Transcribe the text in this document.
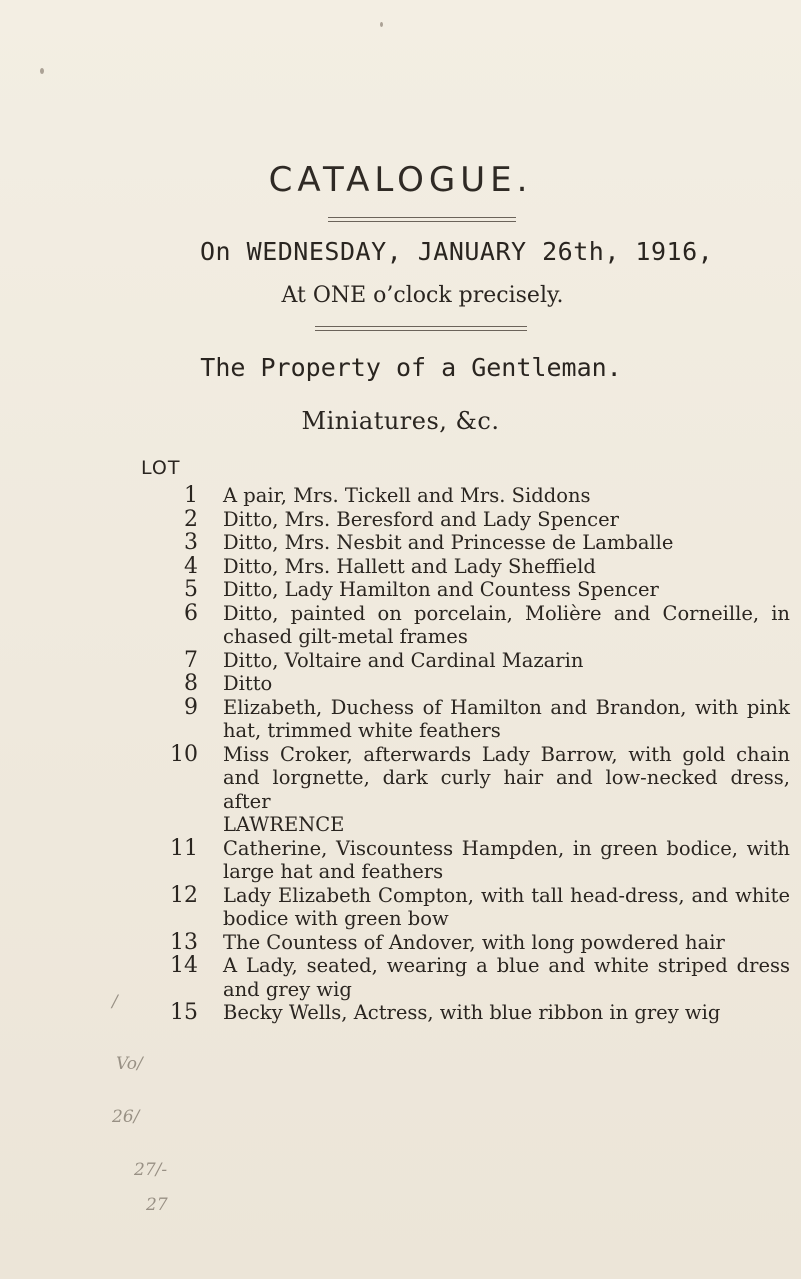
CATALOGUE.
On WEDNESDAY, JANUARY 26th, 1916,
At ONE o’clock precisely.
The Property of a Gentleman.
Miniatures, &c.
LOT
1	A pair, Mrs. Tickell and Mrs. Siddons
2	Ditto, Mrs. Beresford and Lady Spencer
3	Ditto, Mrs. Nesbit and Princesse de Lamballe
4	Ditto, Mrs. Hallett and Lady Sheffield
5	Ditto, Lady Hamilton and Countess Spencer
6	Ditto, painted on porcelain, Molière and Corneille, in chased gilt-metal frames
7	Ditto, Voltaire and Cardinal Mazarin
8	Ditto
9	Elizabeth, Duchess of Hamilton and Brandon, with pink hat, trimmed white feathers
10	Miss Croker, afterwards Lady Barrow, with gold chain and lorgnette, dark curly hair and low-necked dress, after
LAWRENCE
11	Catherine, Viscountess Hampden, in green bodice, with large hat and feathers
12	Lady Elizabeth Compton, with tall head-dress, and white bodice with green bow
13	The Countess of Andover, with long powdered hair
14	A Lady, seated, wearing a blue and white striped dress and grey wig
15	Becky Wells, Actress, with blue ribbon in grey wig
/
Vo/
26/
27/-
27
